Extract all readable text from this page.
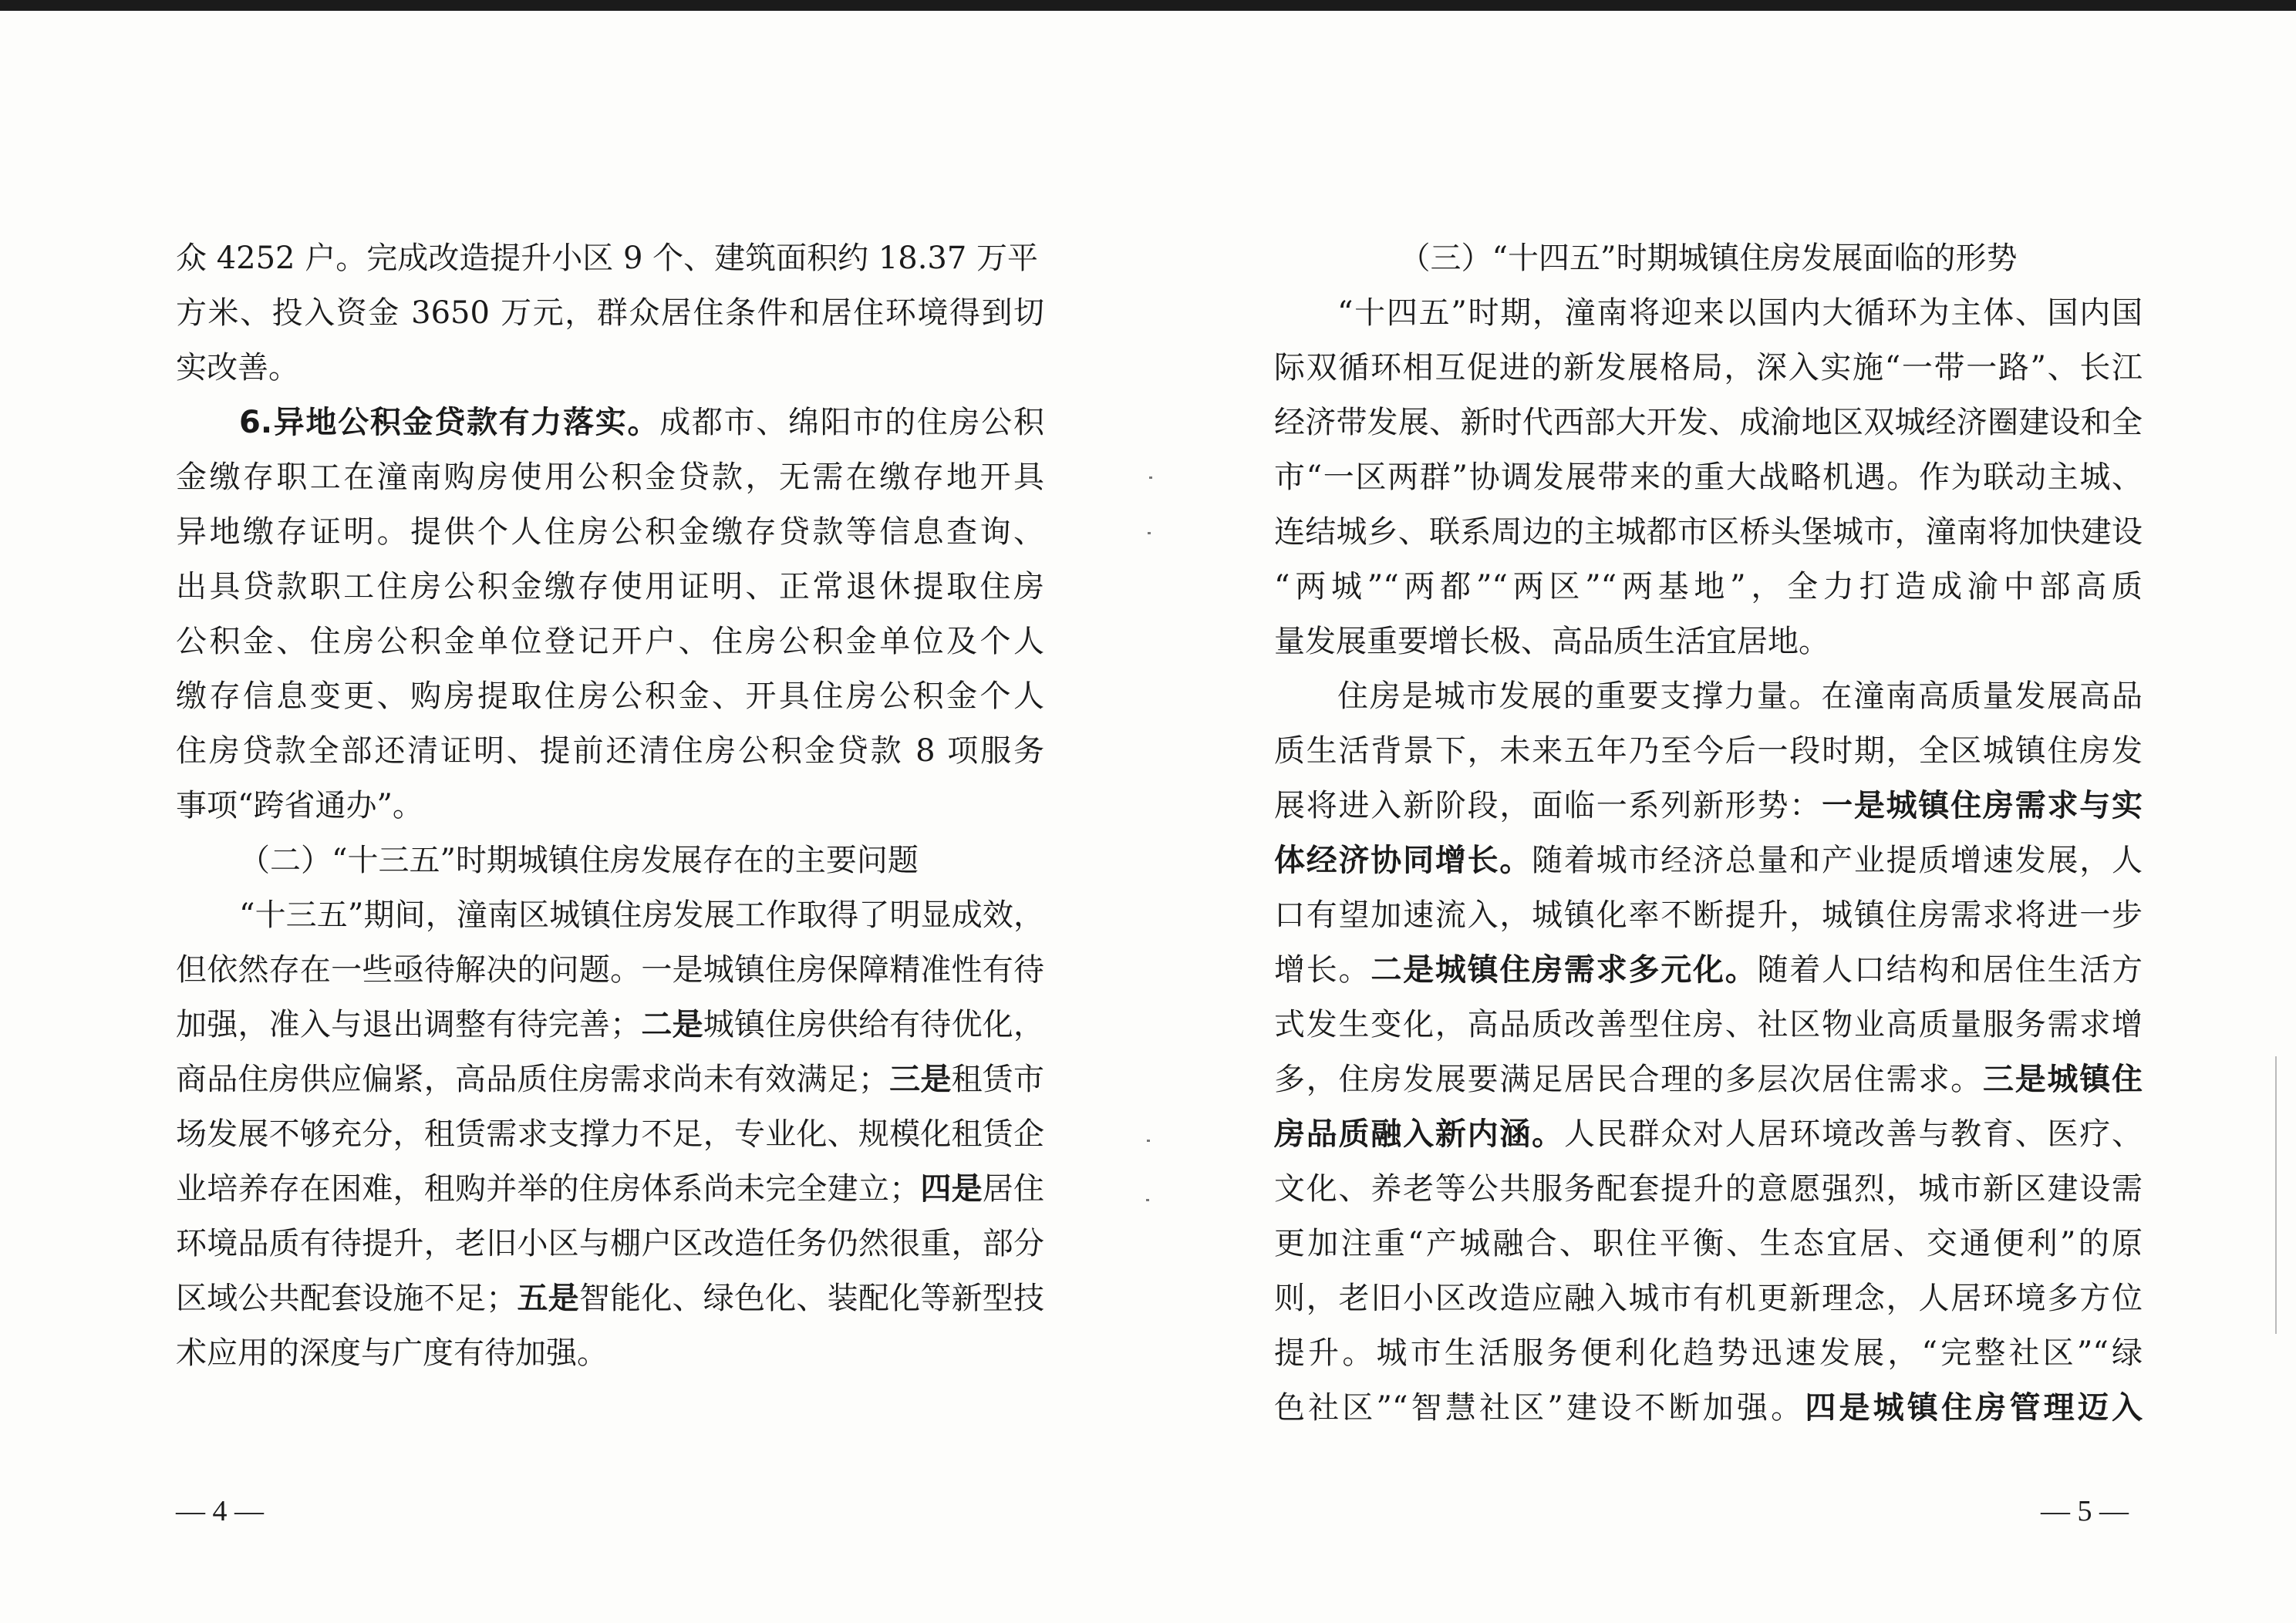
众 4252 户。完成改造提升小区 9 个、建筑面积约 18.37 万平
方米、投入资金 3650 万元，群众居住条件和居住环境得到切
实改善。
6.异地公积金贷款有力落实。成都市、绵阳市的住房公积
金缴存职工在潼南购房使用公积金贷款，无需在缴存地开具
异地缴存证明。提供个人住房公积金缴存贷款等信息查询、
出具贷款职工住房公积金缴存使用证明、正常退休提取住房
公积金、住房公积金单位登记开户、住房公积金单位及个人
缴存信息变更、购房提取住房公积金、开具住房公积金个人
住房贷款全部还清证明、提前还清住房公积金贷款 8 项服务
事项“跨省通办”。
（二）“十三五”时期城镇住房发展存在的主要问题
“十三五”期间，潼南区城镇住房发展工作取得了明显成效，
但依然存在一些亟待解决的问题。一是城镇住房保障精准性有待
加强，准入与退出调整有待完善；二是城镇住房供给有待优化，
商品住房供应偏紧，高品质住房需求尚未有效满足；三是租赁市
场发展不够充分，租赁需求支撑力不足，专业化、规模化租赁企
业培养存在困难，租购并举的住房体系尚未完全建立；四是居住
环境品质有待提升，老旧小区与棚户区改造任务仍然很重，部分
区域公共配套设施不足；五是智能化、绿色化、装配化等新型技
术应用的深度与广度有待加强。
（三）“十四五”时期城镇住房发展面临的形势
“十四五”时期，潼南将迎来以国内大循环为主体、国内国
际双循环相互促进的新发展格局，深入实施“一带一路”、长江
经济带发展、新时代西部大开发、成渝地区双城经济圈建设和全
市“一区两群”协调发展带来的重大战略机遇。作为联动主城、
连结城乡、联系周边的主城都市区桥头堡城市，潼南将加快建设
“两城”“两都”“两区”“两基地”，全力打造成渝中部高质
量发展重要增长极、高品质生活宜居地。
住房是城市发展的重要支撑力量。在潼南高质量发展高品
质生活背景下，未来五年乃至今后一段时期，全区城镇住房发
展将进入新阶段，面临一系列新形势：一是城镇住房需求与实
体经济协同增长。随着城市经济总量和产业提质增速发展，人
口有望加速流入，城镇化率不断提升，城镇住房需求将进一步
增长。二是城镇住房需求多元化。随着人口结构和居住生活方
式发生变化，高品质改善型住房、社区物业高质量服务需求增
多，住房发展要满足居民合理的多层次居住需求。三是城镇住
房品质融入新内涵。人民群众对人居环境改善与教育、医疗、
文化、养老等公共服务配套提升的意愿强烈，城市新区建设需
更加注重“产城融合、职住平衡、生态宜居、交通便利”的原
则，老旧小区改造应融入城市有机更新理念，人居环境多方位
提升。城市生活服务便利化趋势迅速发展，“完整社区”“绿
色社区”“智慧社区”建设不断加强。四是城镇住房管理迈入
— 4 —	— 5 —
